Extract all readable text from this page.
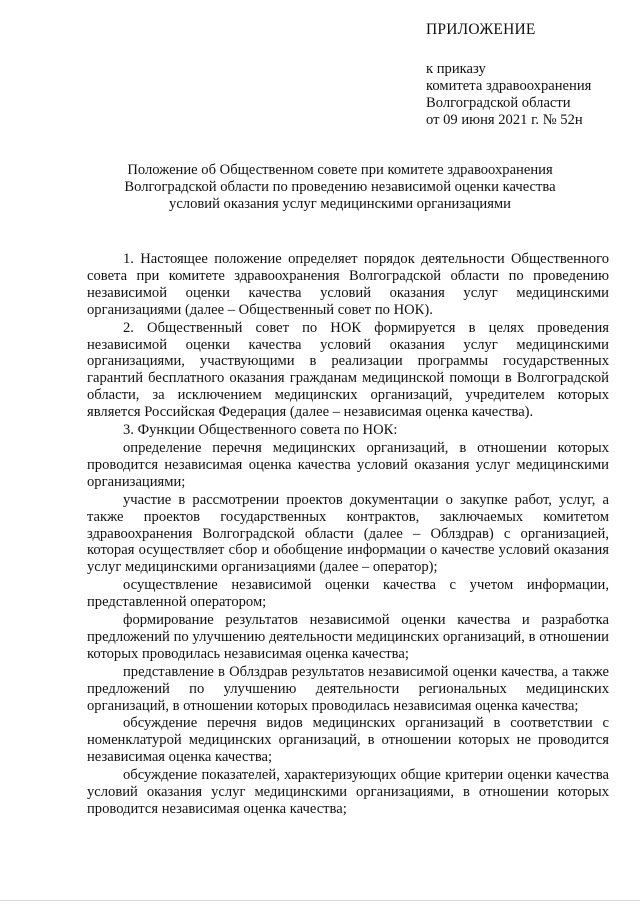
ПРИЛОЖЕНИЕ

к приказу

комитета здравоохранения

Волгоградской области

от 09 июня 2021 г. № 52н

Положение об Общественном совете при комитете здравоохранения
Волгоградской области по проведению независимой оценки качества
условий оказания услуг медицинскими организациями

1. Настоящее положение определяет порядок деятельности Общественного совета при комитете здравоохранения Волгоградской области по проведению независимой оценки качества условий оказания услуг медицинскими организациями (далее – Общественный совет по НОК).

2. Общественный совет по НОК формируется в целях проведения независимой оценки качества условий оказания услуг медицинскими организациями, участвующими в реализации программы государственных гарантий бесплатного оказания гражданам медицинской помощи в Волгоградской области, за исключением медицинских организаций, учредителем которых является Российская Федерация (далее – независимая оценка качества).

3. Функции Общественного совета по НОК:

определение перечня медицинских организаций, в отношении которых проводится независимая оценка качества условий оказания услуг медицинскими организациями;

участие в рассмотрении проектов документации о закупке работ, услуг, а также проектов государственных контрактов, заключаемых комитетом здравоохранения Волгоградской области (далее – Облздрав) с организацией, которая осуществляет сбор и обобщение информации о качестве условий оказания услуг медицинскими организациями (далее – оператор);

осуществление независимой оценки качества с учетом информации, представленной оператором;

формирование результатов независимой оценки качества и разработка предложений по улучшению деятельности медицинских организаций, в отношении которых проводилась независимая оценка качества;

представление в Облздрав результатов независимой оценки качества, а также предложений по улучшению деятельности региональных медицинских организаций, в отношении которых проводилась независимая оценка качества;

обсуждение перечня видов медицинских организаций в соответствии с номенклатурой медицинских организаций, в отношении которых не проводится независимая оценка качества;

обсуждение показателей, характеризующих общие критерии оценки качества условий оказания услуг медицинскими организациями, в отношении которых проводится независимая оценка качества;
